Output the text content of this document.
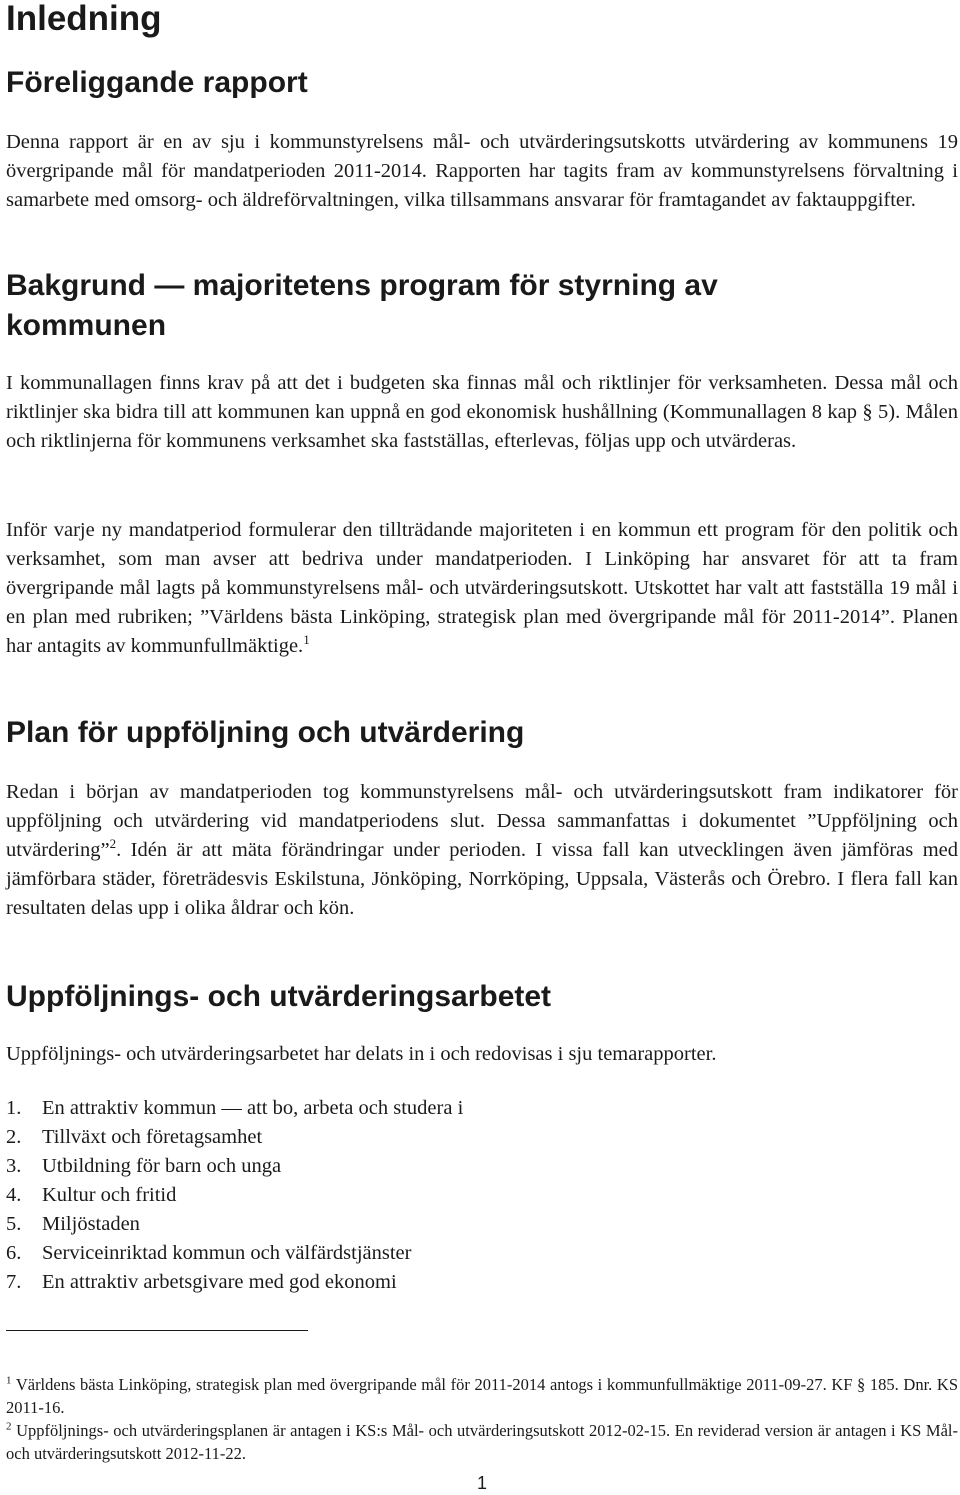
Inledning
Föreliggande rapport

Denna rapport är en av sju i kommunstyrelsens mål- och utvärderingsutskotts utvärdering av kommunens 19 övergripande mål för mandatperioden 2011-2014. Rapporten har tagits fram av kommunstyrelsens förvaltning i samarbete med omsorg- och äldreförvaltningen, vilka tillsammans ansvarar för framtagandet av faktauppgifter.

Bakgrund — majoritetens program för styrning av
kommunen

I kommunallagen finns krav på att det i budgeten ska finnas mål och riktlinjer för verksamheten. Dessa mål och riktlinjer ska bidra till att kommunen kan uppnå en god ekonomisk hushållning (Kommunallagen 8 kap § 5). Målen och riktlinjerna för kommunens verksamhet ska fastställas, efterlevas, följas upp och utvärderas.

Inför varje ny mandatperiod formulerar den tillträdande majoriteten i en kommun ett program för den politik och verksamhet, som man avser att bedriva under mandatperioden. I Linköping har ansvaret för att ta fram övergripande mål lagts på kommunstyrelsens mål- och utvärderingsutskott. Utskottet har valt att fastställa 19 mål i en plan med rubriken; ”Världens bästa Linköping, strategisk plan med övergripande mål för 2011-2014”. Planen har antagits av kommunfullmäktige.$^1$

Plan för uppföljning och utvärdering

Redan i början av mandatperioden tog kommunstyrelsens mål- och utvärderingsutskott fram indikatorer för uppföljning och utvärdering vid mandatperiodens slut. Dessa sammanfattas i dokumentet ”Uppföljning och utvärdering”$^2$. Idén är att mäta förändringar under perioden. I vissa fall kan utvecklingen även jämföras med jämförbara städer, företrädesvis Eskilstuna, Jönköping, Norrköping, Uppsala, Västerås och Örebro. I flera fall kan resultaten delas upp i olika åldrar och kön.

Uppföljnings- och utvärderingsarbetet

Uppföljnings- och utvärderingsarbetet har delats in i och redovisas i sju temarapporter.

1.	En attraktiv kommun — att bo, arbeta och studera i
2.	Tillväxt och företagsamhet
3.	Utbildning för barn och unga
4.	Kultur och fritid
5.	Miljöstaden
6.	Serviceinriktad kommun och välfärdstjänster
7.	En attraktiv arbetsgivare med god ekonomi

$^1$ Världens bästa Linköping, strategisk plan med övergripande mål för 2011-2014 antogs i kommunfullmäktige 2011-09-27. KF § 185. Dnr. KS 2011-16.

$^2$ Uppföljnings- och utvärderingsplanen är antagen i KS:s Mål- och utvärderingsutskott 2012-02-15. En reviderad version är antagen i KS Mål- och utvärderingsutskott 2012-11-22.

1
